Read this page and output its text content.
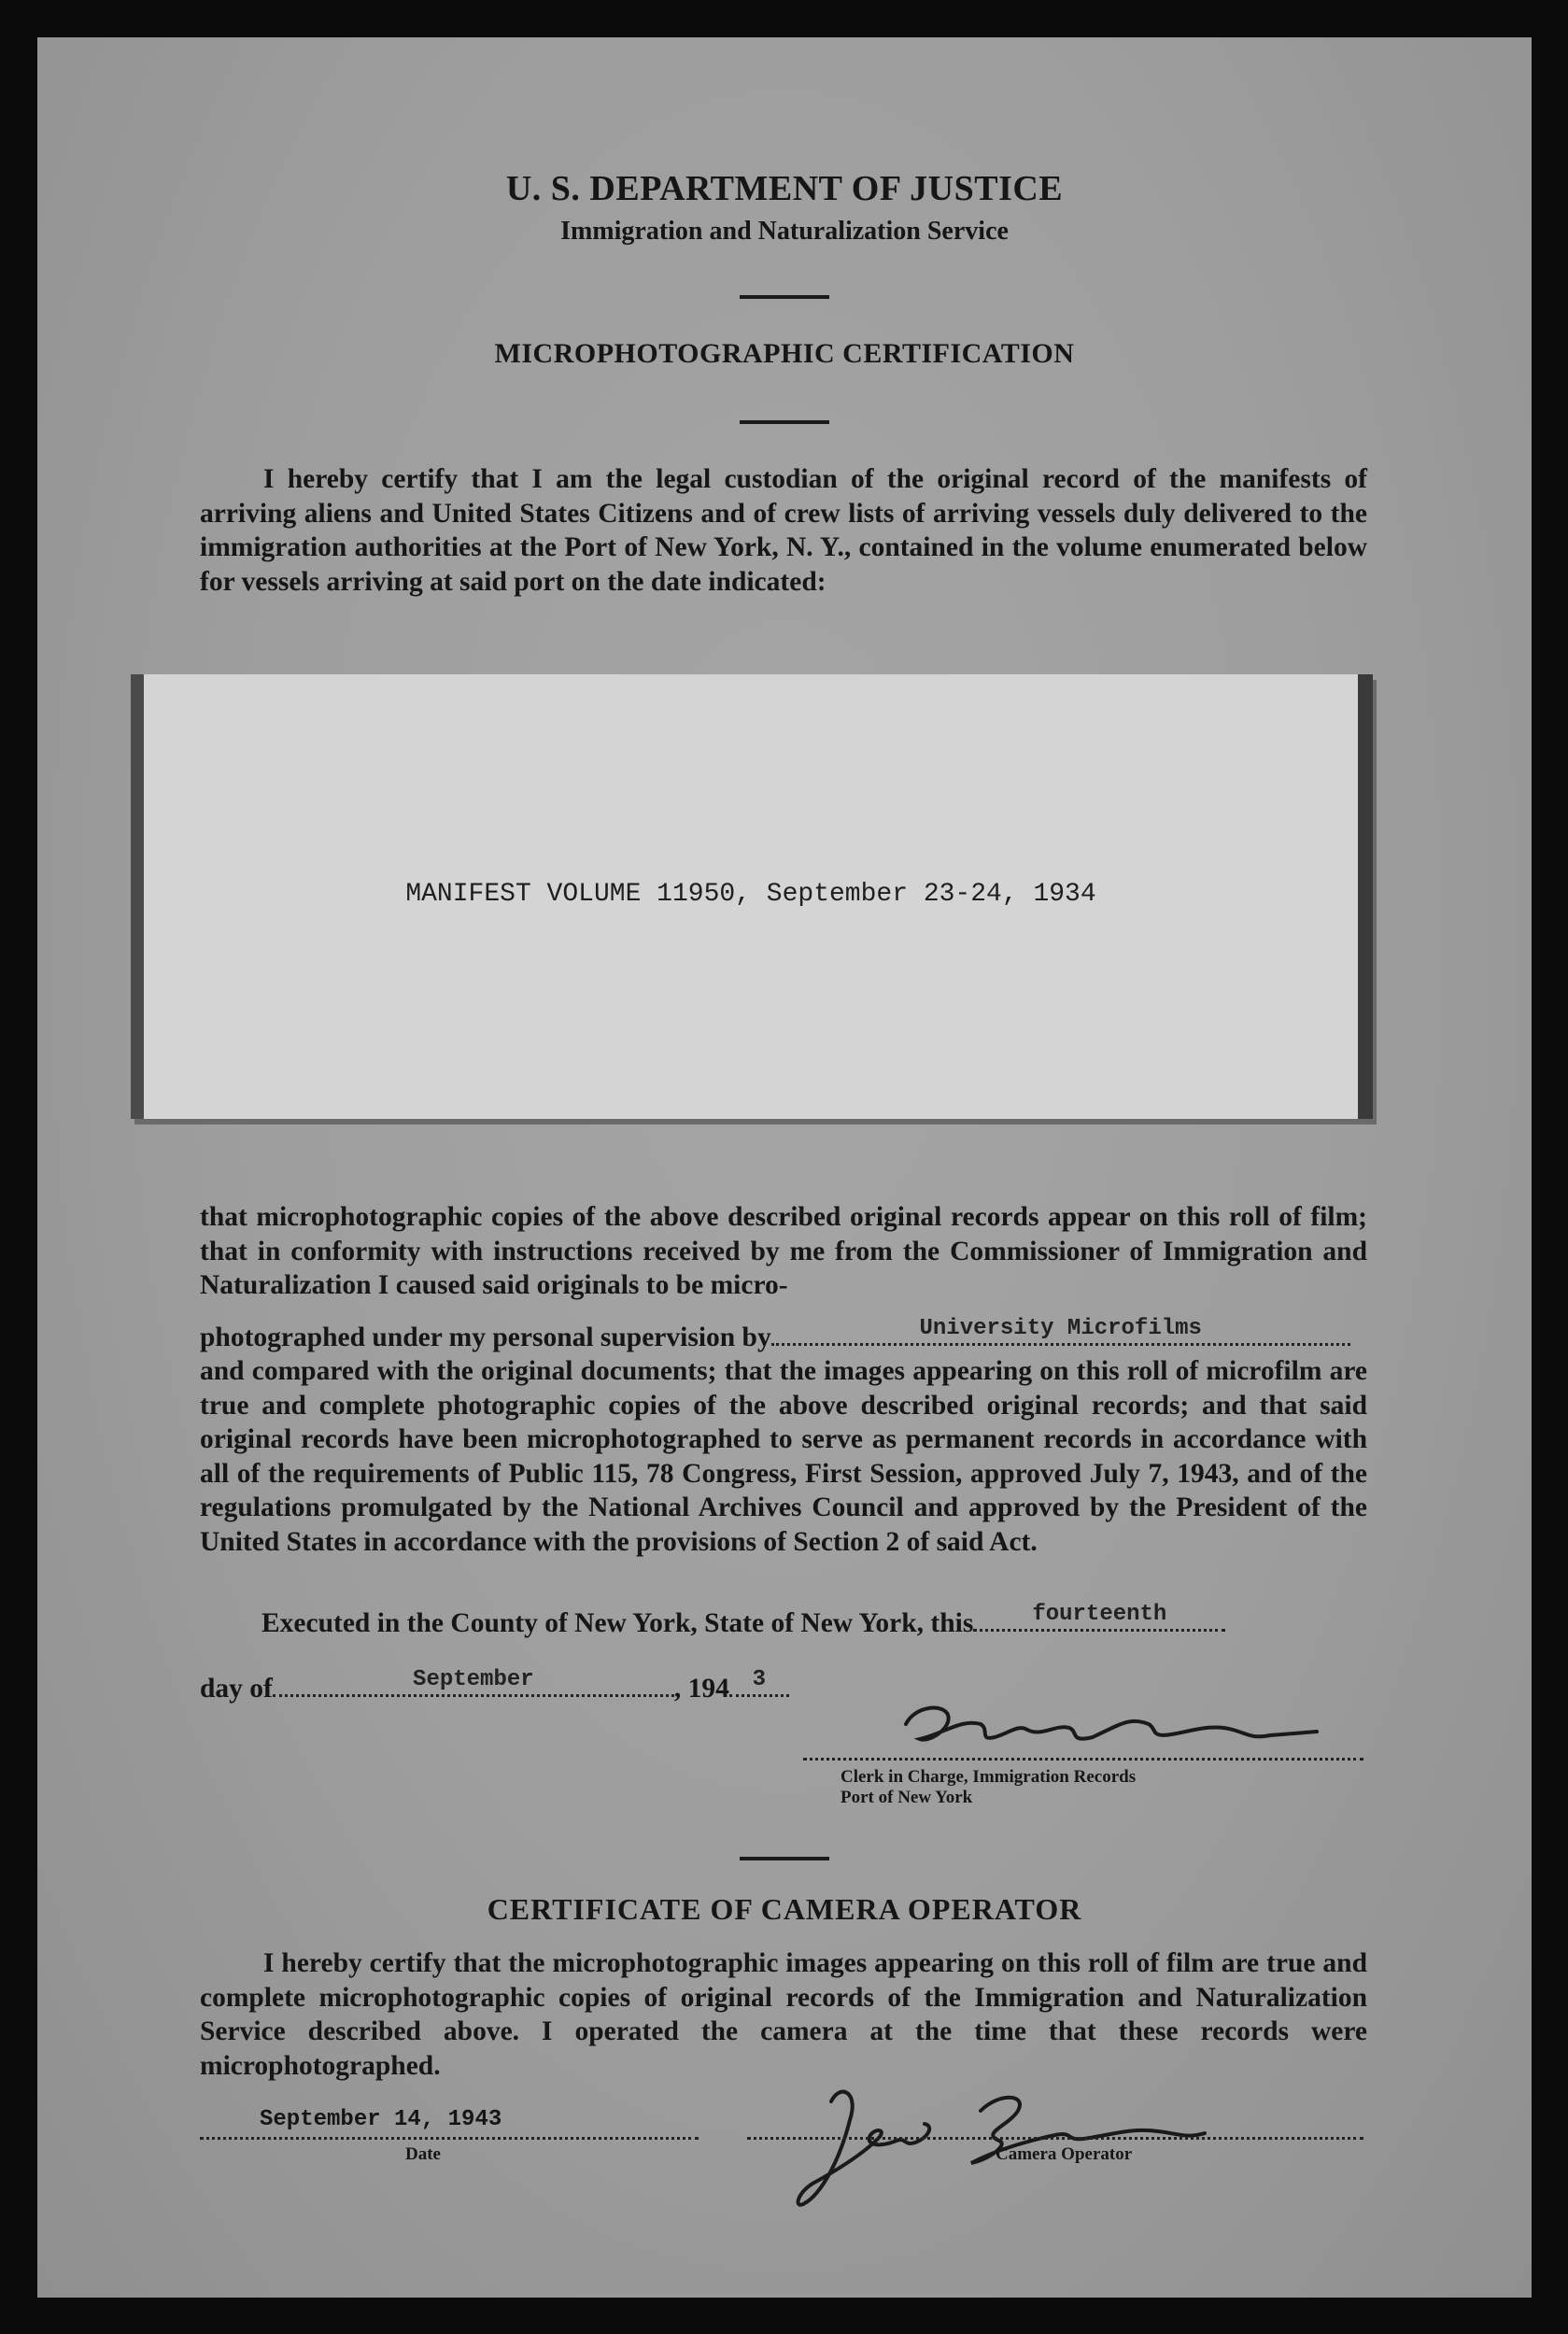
U. S. DEPARTMENT OF JUSTICE
Immigration and Naturalization Service
MICROPHOTOGRAPHIC CERTIFICATION
I hereby certify that I am the legal custodian of the original record of the manifests of arriving aliens and United States Citizens and of crew lists of arriving vessels duly delivered to the immigration authorities at the Port of New York, N. Y., contained in the volume enumerated below for vessels arriving at said port on the date indicated:
MANIFEST VOLUME 11950, September 23-24, 1934
that microphotographic copies of the above described original records appear on this roll of film; that in conformity with instructions received by me from the Commissioner of Immigration and Naturalization I caused said originals to be micro-
photographed under my personal supervision by	University Microfilms
and compared with the original documents; that the images appearing on this roll of microfilm are true and complete photographic copies of the above described original records; and that said original records have been microphotographed to serve as permanent records in accordance with all of the requirements of Public 115, 78 Congress, First Session, approved July 7, 1943, and of the regulations promulgated by the National Archives Council and approved by the President of the United States in accordance with the provisions of Section 2 of said Act.
Executed in the County of New York, State of New York, this	fourteenth
day of	September	, 194	3
Clerk in Charge, Immigration Records
Port of New York
CERTIFICATE OF CAMERA OPERATOR
I hereby certify that the microphotographic images appearing on this roll of film are true and complete microphotographic copies of original records of the Immigration and Naturalization Service described above. I operated the camera at the time that these records were microphotographed.
September 14, 1943
Date	Camera Operator
